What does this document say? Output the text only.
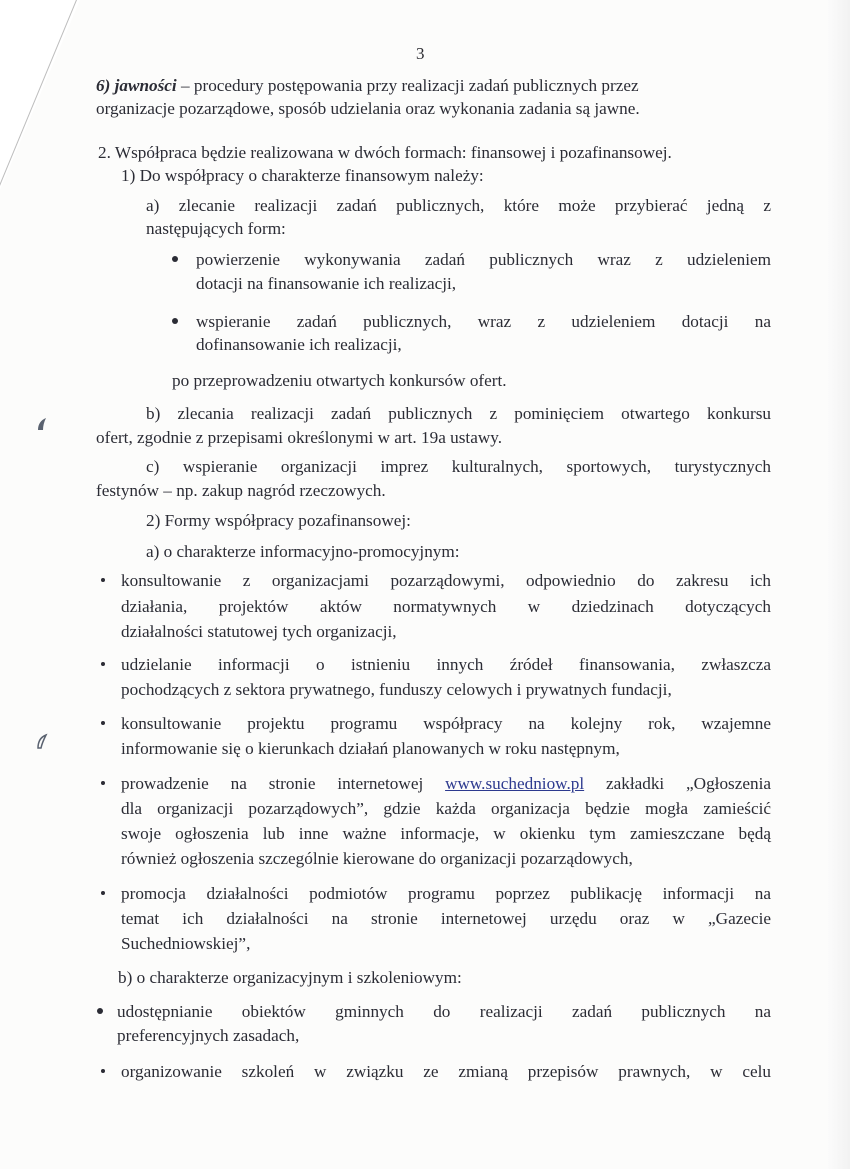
3
6) jawności – procedury postępowania przy realizacji zadań publicznych przez
organizacje pozarządowe, sposób udzielania oraz wykonania zadania są jawne.
2. Współpraca będzie realizowana w dwóch formach: finansowej i pozafinansowej.
1) Do współpracy o charakterze finansowym należy:
a) zlecanie realizacji zadań publicznych, które może przybierać jedną z
następujących form:
powierzenie wykonywania zadań publicznych wraz z udzieleniem
dotacji na finansowanie ich realizacji,
wspieranie zadań publicznych, wraz z udzieleniem dotacji na
dofinansowanie ich realizacji,
po przeprowadzeniu otwartych konkursów ofert.
b) zlecania realizacji zadań publicznych z pominięciem otwartego konkursu
ofert, zgodnie z przepisami określonymi w art. 19a ustawy.
c) wspieranie organizacji imprez kulturalnych, sportowych, turystycznych
festynów – np. zakup nagród rzeczowych.
2) Formy współpracy pozafinansowej:
a) o charakterze informacyjno-promocyjnym:
konsultowanie z organizacjami pozarządowymi, odpowiednio do zakresu ich
działania, projektów aktów normatywnych w dziedzinach dotyczących
działalności statutowej tych organizacji,
udzielanie informacji o istnieniu innych źródeł finansowania, zwłaszcza
pochodzących z sektora prywatnego, funduszy celowych i prywatnych fundacji,
konsultowanie projektu programu współpracy na kolejny rok, wzajemne
informowanie się o kierunkach działań planowanych w roku następnym,
prowadzenie na stronie internetowej www.suchedniow.pl zakładki „Ogłoszenia
dla organizacji pozarządowych”, gdzie każda organizacja będzie mogła zamieścić
swoje ogłoszenia lub inne ważne informacje, w okienku tym zamieszczane będą
również ogłoszenia szczególnie kierowane do organizacji pozarządowych,
promocja działalności podmiotów programu poprzez publikację informacji na
temat ich działalności na stronie internetowej urzędu oraz w „Gazecie
Suchedniowskiej”,
b) o charakterze organizacyjnym i szkoleniowym:
udostępnianie obiektów gminnych do realizacji zadań publicznych na
preferencyjnych zasadach,
organizowanie szkoleń w związku ze zmianą przepisów prawnych, w celu
